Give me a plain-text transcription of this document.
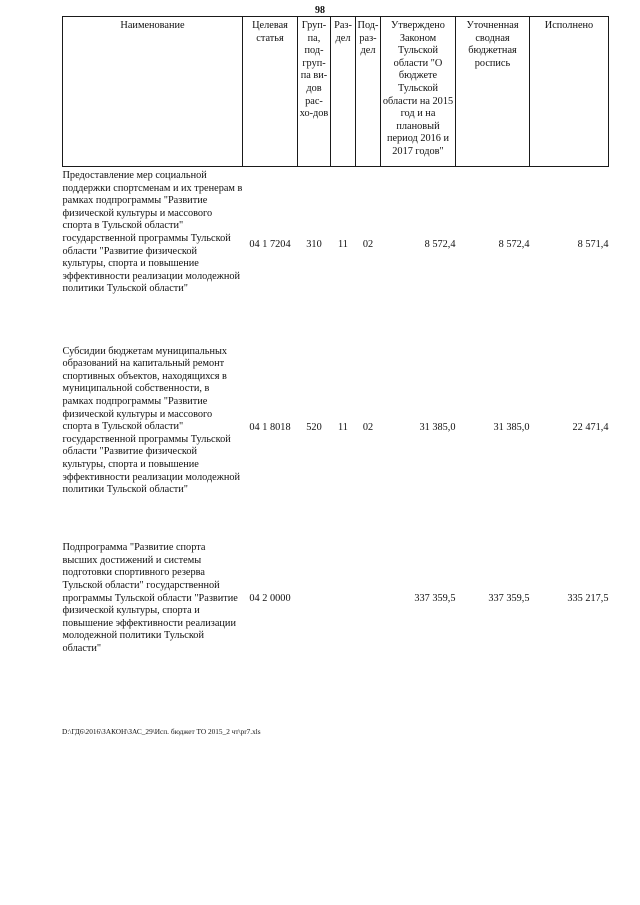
98
Наименование	Целевая статья	Груп-па, под-груп-па ви-дов рас-хо-дов	Раз-дел	Под-раз-дел	Утверждено Законом Тульской области "О бюджете Тульской области на 2015 год и на плановый период 2016 и 2017 годов"	Уточненная сводная бюджетная роспись	Исполнено
Предоставление мер социальной поддержки спортсменам и их тренерам в рамках подпрограммы "Развитие физической культуры и массового спорта в Тульской области" государственной программы Тульской области "Развитие физической культуры, спорта и повышение эффективности реализации молодежной политики Тульской области"							
	04 1 7204	310	11	02	8 572,4	8 572,4	8 571,4

Субсидии бюджетам муниципальных образований на капитальный ремонт спортивных объектов, находящихся в муниципальной собственности, в рамках подпрограммы "Развитие физической культуры и массового спорта в Тульской области" государственной программы Тульской области "Развитие физической культуры, спорта и повышение эффективности реализации молодежной политики Тульской области"							
	04 1 8018	520	11	02	31 385,0	31 385,0	22 471,4

Подпрограмма "Развитие спорта высших достижений и системы подготовки спортивного резерва Тульской области" государственной программы Тульской области "Развитие физической культуры, спорта и повышение эффективности реализации молодежной политики Тульской области"							
	04 2 0000				337 359,5	337 359,5	335 217,5

D:\ГД6\2016\ЗАКОН\ЗАС_29\Исп. бюджет ТО 2015_2 чт\pr7.xls
